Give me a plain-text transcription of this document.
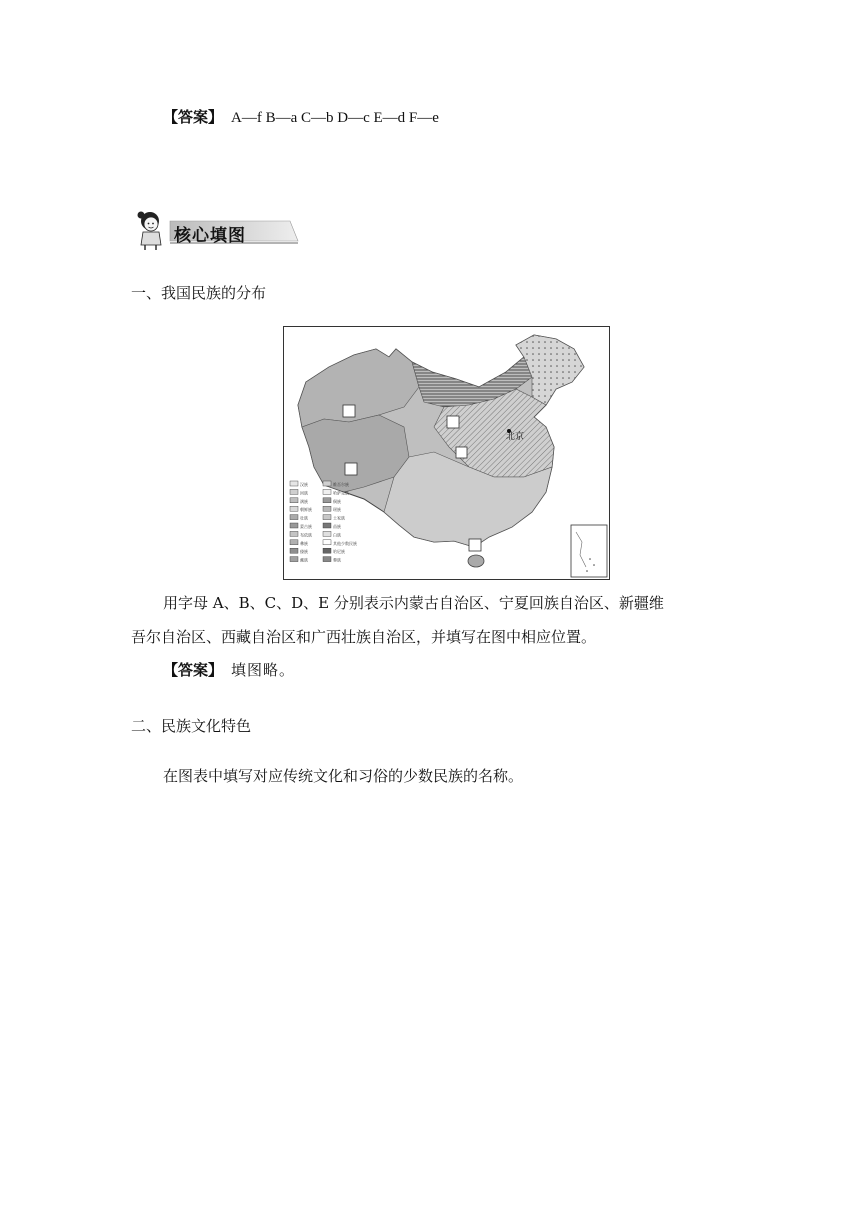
【答案】 A—f B—a C—b D—c E—d F—e
核心填图
一、我国民族的分布
北京
汉族
回族
满族
朝鲜族
壮族
蒙古族
布依族
彝族
傣族
藏族
维吾尔族
哈萨克族
侗族
瑶族
土家族
苗族
白族
其他少数民族
哈尼族
黎族
用字母 A、B、C、D、E 分别表示内蒙古自治区、宁夏回族自治区、新疆维
吾尔自治区、西藏自治区和广西壮族自治区，并填写在图中相应位置。
【答案】 填图略。
二、民族文化特色
在图表中填写对应传统文化和习俗的少数民族的名称。
